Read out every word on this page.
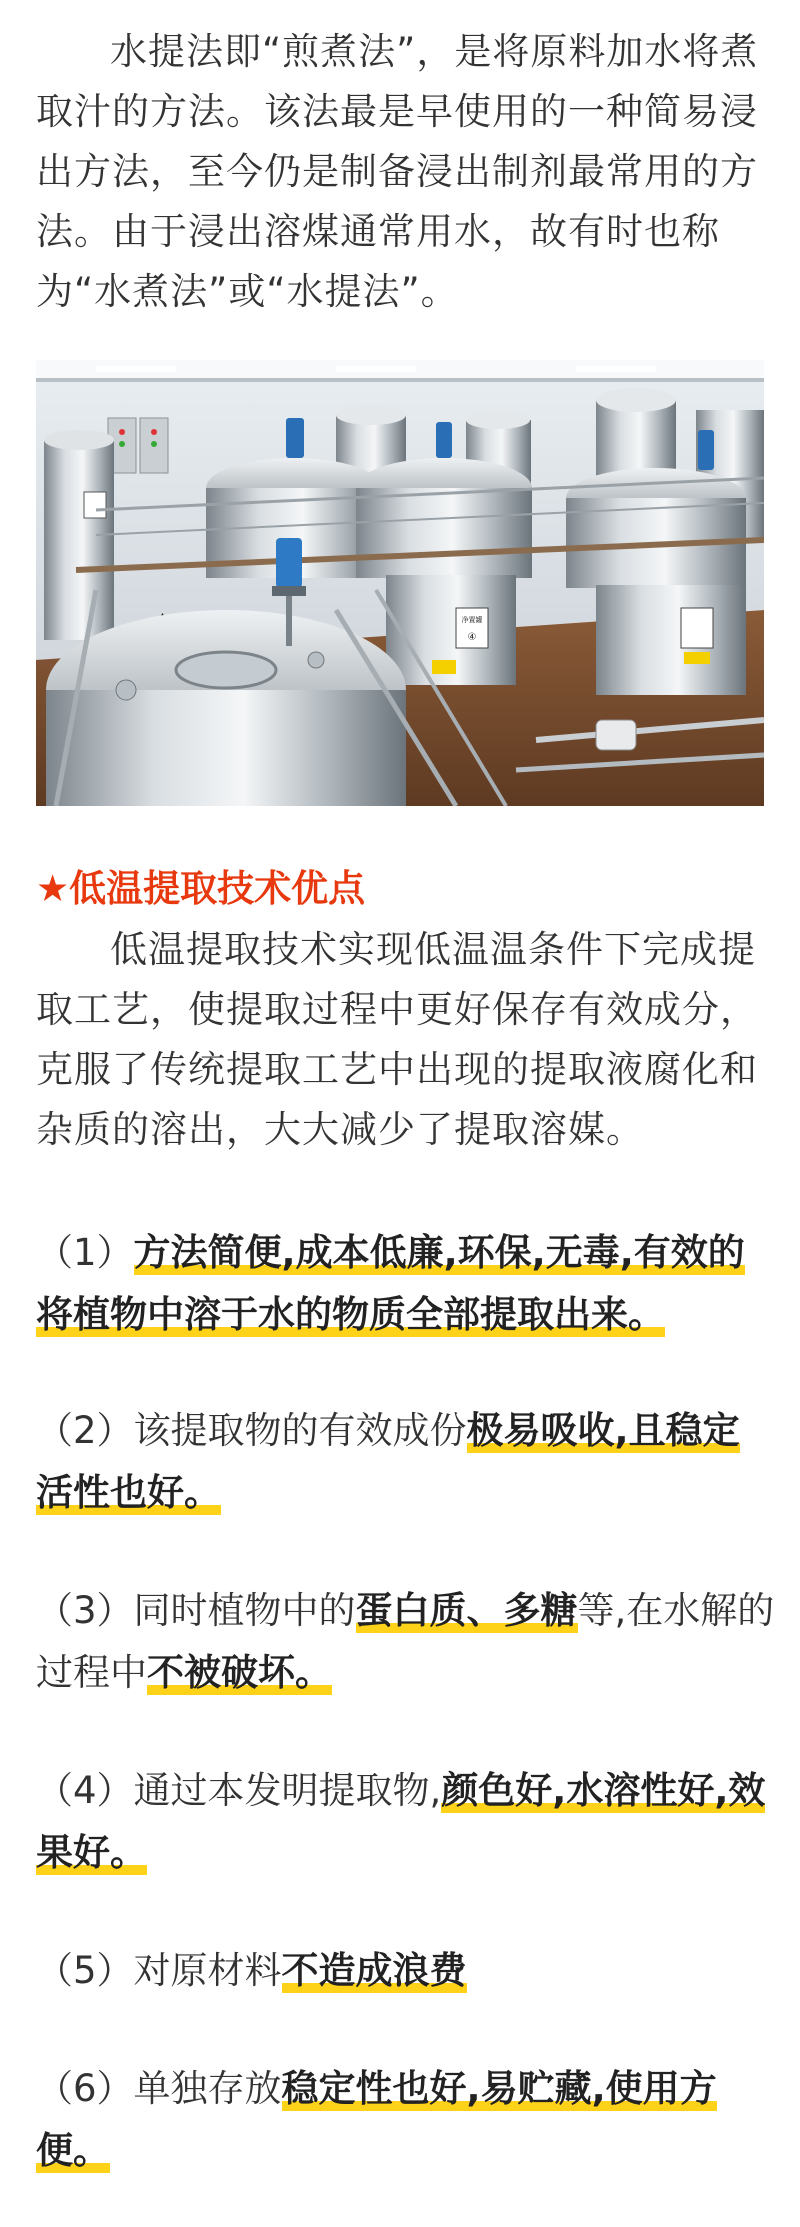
水提法即“煎煮法”，是将原料加水将煮取汁的方法。该法最是早使用的一种简易浸出方法，至今仍是制备浸出制剂最常用的方法。由于浸出溶煤通常用水，故有时也称为“水煮法”或“水提法”。

净置罐
④
★低温提取技术优点

低温提取技术实现低温温条件下完成提取工艺，使提取过程中更好保存有效成分，克服了传统提取工艺中出现的提取液腐化和杂质的溶出，大大减少了提取溶媒。

（1）方法简便,成本低廉,环保,无毒,有效的将植物中溶于水的物质全部提取出来。

（2）该提取物的有效成份极易吸收,且稳定活性也好。

（3）同时植物中的蛋白质、多糖等,在水解的过程中不被破坏。

（4）通过本发明提取物,颜色好,水溶性好,效果好。

（5）对原材料不造成浪费

（6）单独存放稳定性也好,易贮藏,使用方便。
